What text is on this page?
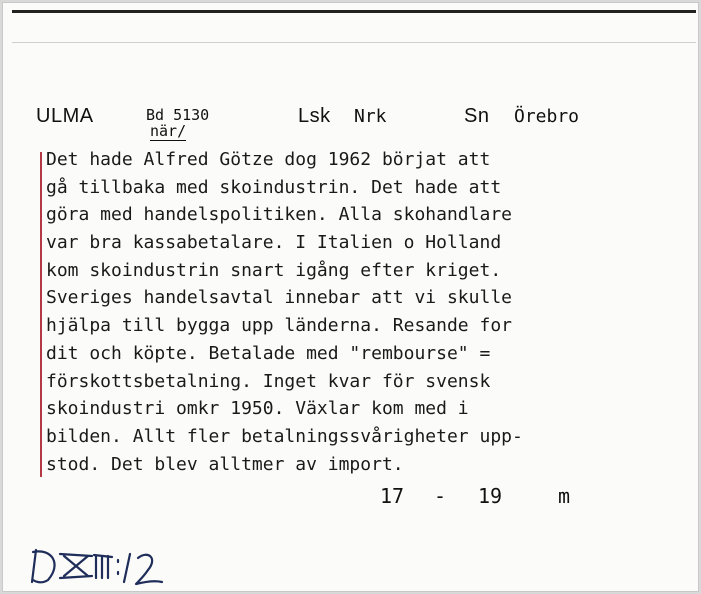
ULMA	Bd 5130
när/
Lsk Nrk	Sn Örebro
Det hade Alfred Götze dog 1962 börjat att
gå tillbaka med skoindustrin. Det hade att
göra med handelspolitiken. Alla skohandlare
var bra kassabetalare. I Italien o Holland
kom skoindustrin snart igång efter kriget.
Sveriges handelsavtal innebar att vi skulle
hjälpa till bygga upp länderna. Resande for
dit och köpte. Betalade med "rembourse" =
förskottsbetalning. Inget kvar för svensk
skoindustri omkr 1950. Växlar kom med i
bilden. Allt fler betalningssvårigheter upp-
stod. Det blev alltmer av import.
17 - 19	m
